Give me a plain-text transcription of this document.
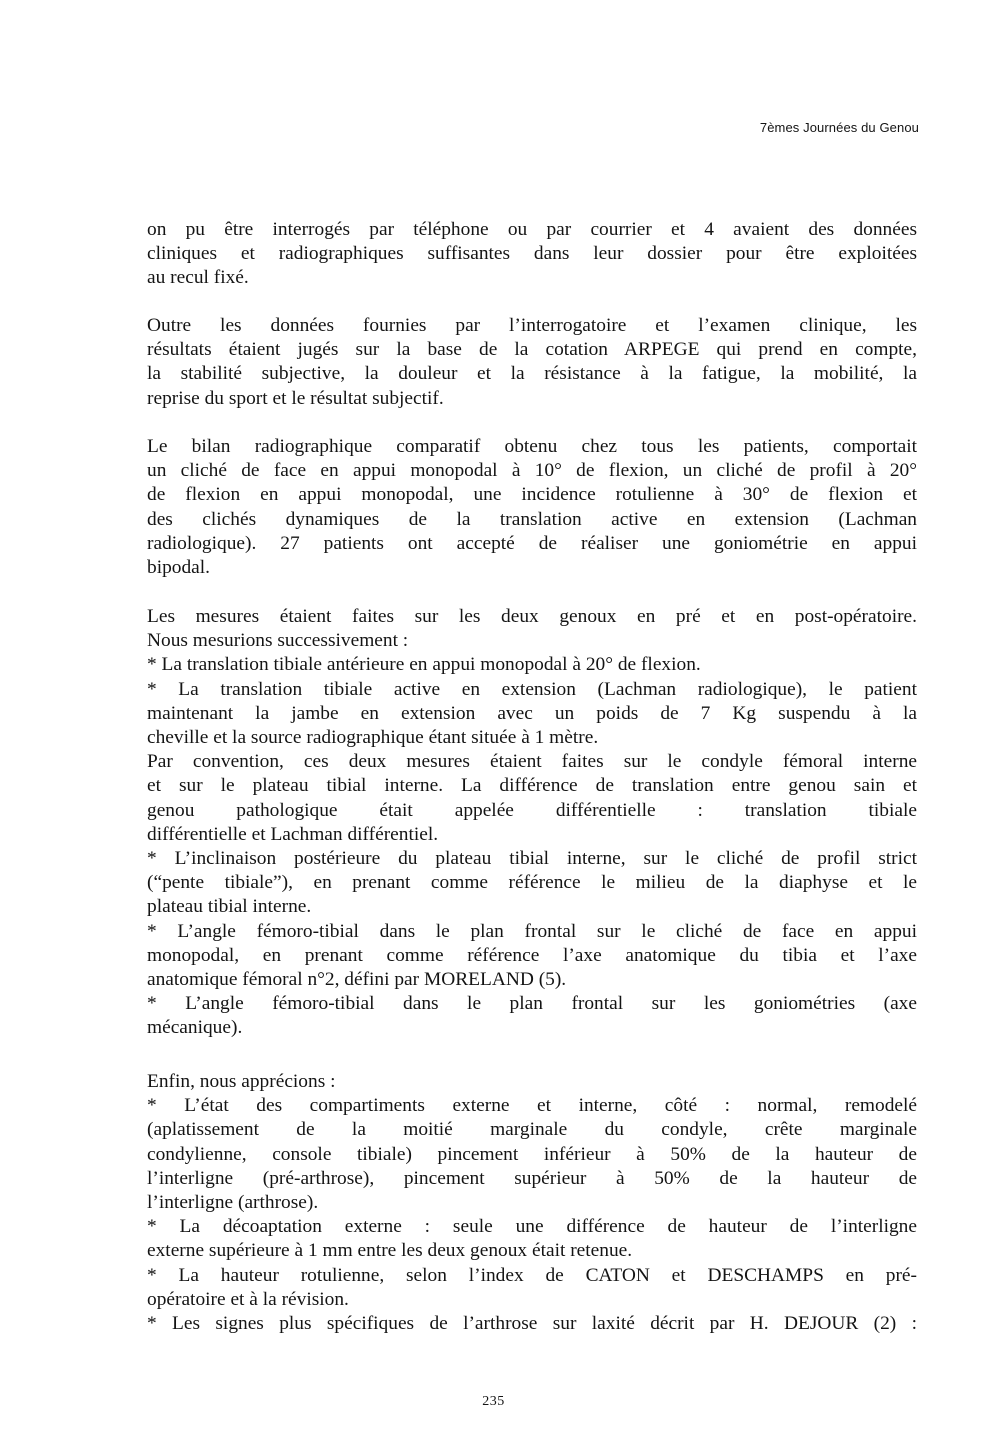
7èmes Journées du Genou
on pu être interrogés par téléphone ou par courrier et 4 avaient des données
cliniques et radiographiques suffisantes dans leur dossier pour être exploitées
au recul fixé.
Outre les données fournies par l’interrogatoire et l’examen clinique, les
résultats étaient jugés sur la base de la cotation ARPEGE qui prend en compte,
la stabilité subjective, la douleur et la résistance à la fatigue, la mobilité, la
reprise du sport et le résultat subjectif.
Le bilan radiographique comparatif obtenu chez tous les patients, comportait
un cliché de face en appui monopodal à 10° de flexion, un cliché de profil à 20°
de flexion en appui monopodal, une incidence rotulienne à 30° de flexion et
des clichés dynamiques de la translation active en extension (Lachman
radiologique). 27 patients ont accepté de réaliser une goniométrie en appui
bipodal.
Les mesures étaient faites sur les deux genoux en pré et en post-opératoire.
Nous mesurions successivement :
* La translation tibiale antérieure en appui monopodal à 20° de flexion.
* La translation tibiale active en extension (Lachman radiologique), le patient
maintenant la jambe en extension avec un poids de 7 Kg suspendu à la
cheville et la source radiographique étant située à 1 mètre.
Par convention, ces deux mesures étaient faites sur le condyle fémoral interne
et sur le plateau tibial interne. La différence de translation entre genou sain et
genou pathologique était appelée différentielle : translation tibiale
différentielle et Lachman différentiel.
* L’inclinaison postérieure du plateau tibial interne, sur le cliché de profil strict
(“pente tibiale”), en prenant comme référence le milieu de la diaphyse et le
plateau tibial interne.
* L’angle fémoro-tibial dans le plan frontal sur le cliché de face en appui
monopodal, en prenant comme référence l’axe anatomique du tibia et l’axe
anatomique fémoral n°2, défini par MORELAND (5).
* L’angle fémoro-tibial dans le plan frontal sur les goniométries (axe
mécanique).
Enfin, nous apprécions :
* L’état des compartiments externe et interne, côté : normal, remodelé
(aplatissement de la moitié marginale du condyle, crête marginale
condylienne, console tibiale) pincement inférieur à 50% de la hauteur de
l’interligne (pré-arthrose), pincement supérieur à 50% de la hauteur de
l’interligne (arthrose).
* La décoaptation externe : seule une différence de hauteur de l’interligne
externe supérieure à 1 mm entre les deux genoux était retenue.
* La hauteur rotulienne, selon l’index de CATON et DESCHAMPS en pré-
opératoire et à la révision.
* Les signes plus spécifiques de l’arthrose sur laxité décrit par H. DEJOUR (2) :
235
